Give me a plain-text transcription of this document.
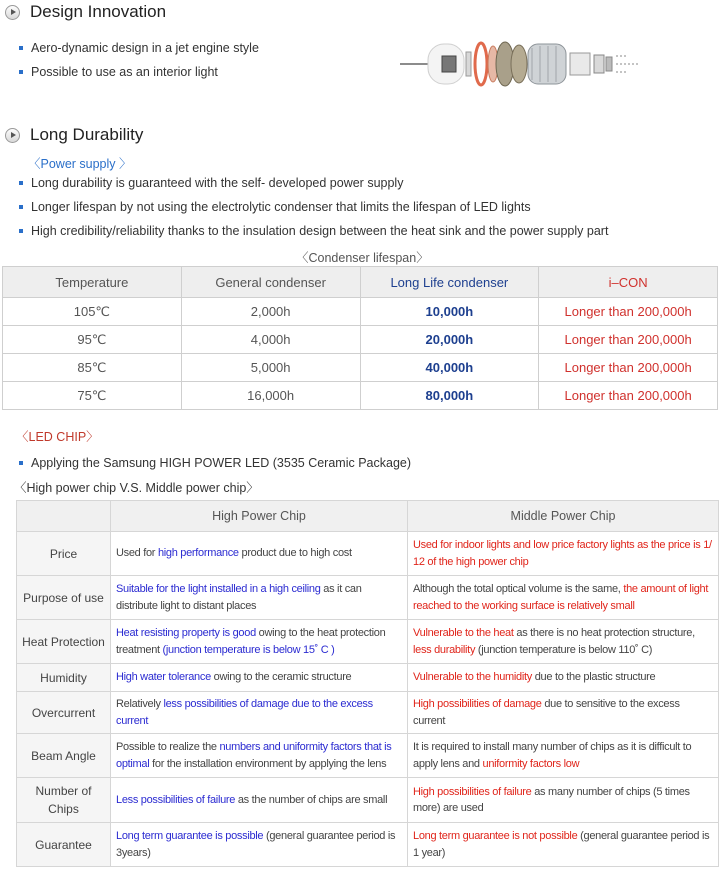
Design Innovation
Aero-dynamic design in a jet engine style
Possible to use as an interior light
Long Durability
〈Power supply 〉
Long durability is guaranteed with the self- developed power supply
Longer lifespan by not using the electrolytic condenser that limits the lifespan of LED lights
High credibility/reliability thanks to the insulation design between the heat sink and the power supply part
〈Condenser lifespan〉
Temperature	General condenser	Long Life condenser	i–CON
105℃	2,000h	10,000h	Longer than 200,000h
95℃	4,000h	20,000h	Longer than 200,000h
85℃	5,000h	40,000h	Longer than 200,000h
75℃	16,000h	80,000h	Longer than 200,000h
〈LED CHIP〉
Applying the Samsung HIGH POWER LED (3535 Ceramic Package)
〈High power chip V.S. Middle power chip〉
	High Power Chip	Middle Power Chip
Price	Used for high performance product due to high cost	Used for indoor lights and low price factory lights as the price is 1/ 12 of the high power chip
Purpose of use	Suitable for the light installed in a high ceiling as it can distribute light to distant places	Although the total optical volume is the same, the amount of light reached to the working surface is relatively small
Heat Protection	Heat resisting property is good owing to the heat protection treatment (junction temperature is below 15˚ C )	Vulnerable to the heat as there is no heat protection structure, less durability (junction temperature is below 110˚ C)
Humidity	High water tolerance owing to the ceramic structure	Vulnerable to the humidity due to the plastic structure
Overcurrent	Relatively less possibilities of damage due to the excess current	High possibilities of damage due to sensitive to the excess current
Beam Angle	Possible to realize the numbers and uniformity factors that is optimal for the installation environment by applying the lens	It is required to install many number of chips as it is difficult to apply lens and uniformity factors low
Number of Chips	Less possibilities of failure as the number of chips are small	High possibilities of failure as many number of chips (5 times more) are used
Guarantee	Long term guarantee is possible (general guarantee period is 3years)	Long term guarantee is not possible (general guarantee period is 1 year)
